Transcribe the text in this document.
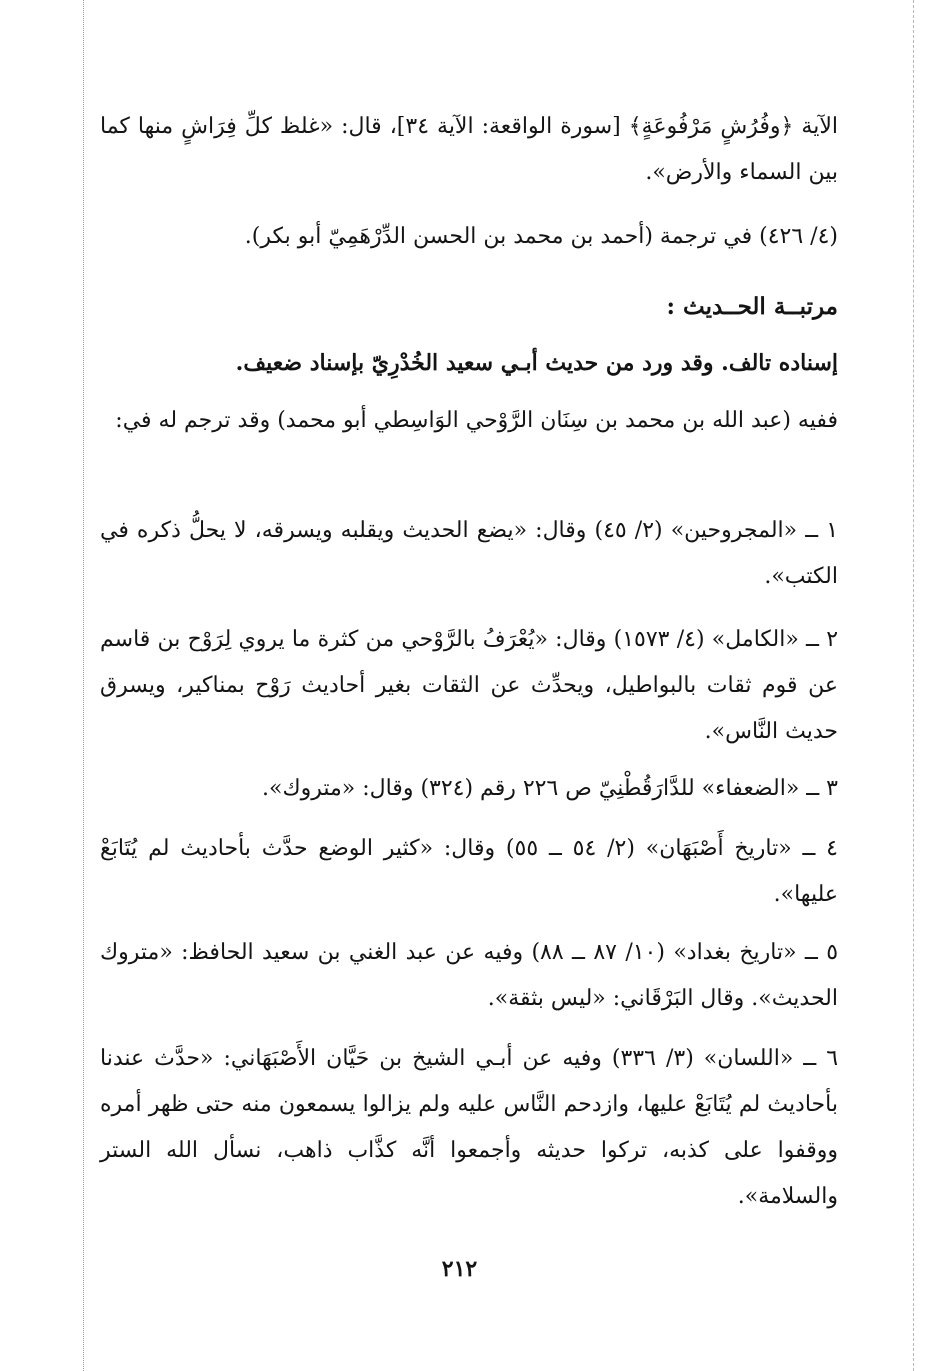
الآية ﴿وفُرُشٍ مَرْفُوعَةٍ﴾ [سورة الواقعة: الآية ٣٤]، قال: «غلظ كلِّ فِرَاشٍ منها كما بين السماء والأرض».

(٤/ ٤٢٦) في ترجمة (أحمد بن محمد بن الحسن الدِّرْهَمِيّ أبو بكر).

مرتبــة الحــديث :

إسناده تالف. وقد ورد من حديث أبـي سعيد الخُدْرِيّ بإسناد ضعيف.

ففيه (عبد الله بن محمد بن سِنَان الرَّوْحي الوَاسِطي أبو محمد) وقد ترجم له في:

١ ــ «المجروحين» (٢/ ٤٥) وقال: «يضع الحديث ويقلبه ويسرقه، لا يحلُّ ذكره في الكتب».

٢ ــ «الكامل» (٤/ ١٥٧٣) وقال: «يُعْرَفُ بالرَّوْحي من كثرة ما يروي لِرَوْح بن قاسم عن قوم ثقات بالبواطيل، ويحدِّث عن الثقات بغير أحاديث رَوْح بمناكير، ويسرق حديث النَّاس».

٣ ــ «الضعفاء» للدَّارَقُطْنِيّ ص ٢٢٦ رقم (٣٢٤) وقال: «متروك».

٤ ــ «تاريخ أَصْبَهَان» (٢/ ٥٤ ــ ٥٥) وقال: «كثير الوضع حدَّث بأحاديث لم يُتَابَعْ عليها».

٥ ــ «تاريخ بغداد» (١٠/ ٨٧ ــ ٨٨) وفيه عن عبد الغني بن سعيد الحافظ: «متروك الحديث». وقال البَرْقَاني: «ليس بثقة».

٦ ــ «اللسان» (٣/ ٣٣٦) وفيه عن أبـي الشيخ بن حَيَّان الأَصْبَهَاني: «حدَّث عندنا بأحاديث لم يُتَابَعْ عليها، وازدحم النَّاس عليه ولم يزالوا يسمعون منه حتى ظهر أمره ووقفوا على كذبه، تركوا حديثه وأجمعوا أنَّه كذَّاب ذاهب، نسأل الله الستر والسلامة».

٢١٢
